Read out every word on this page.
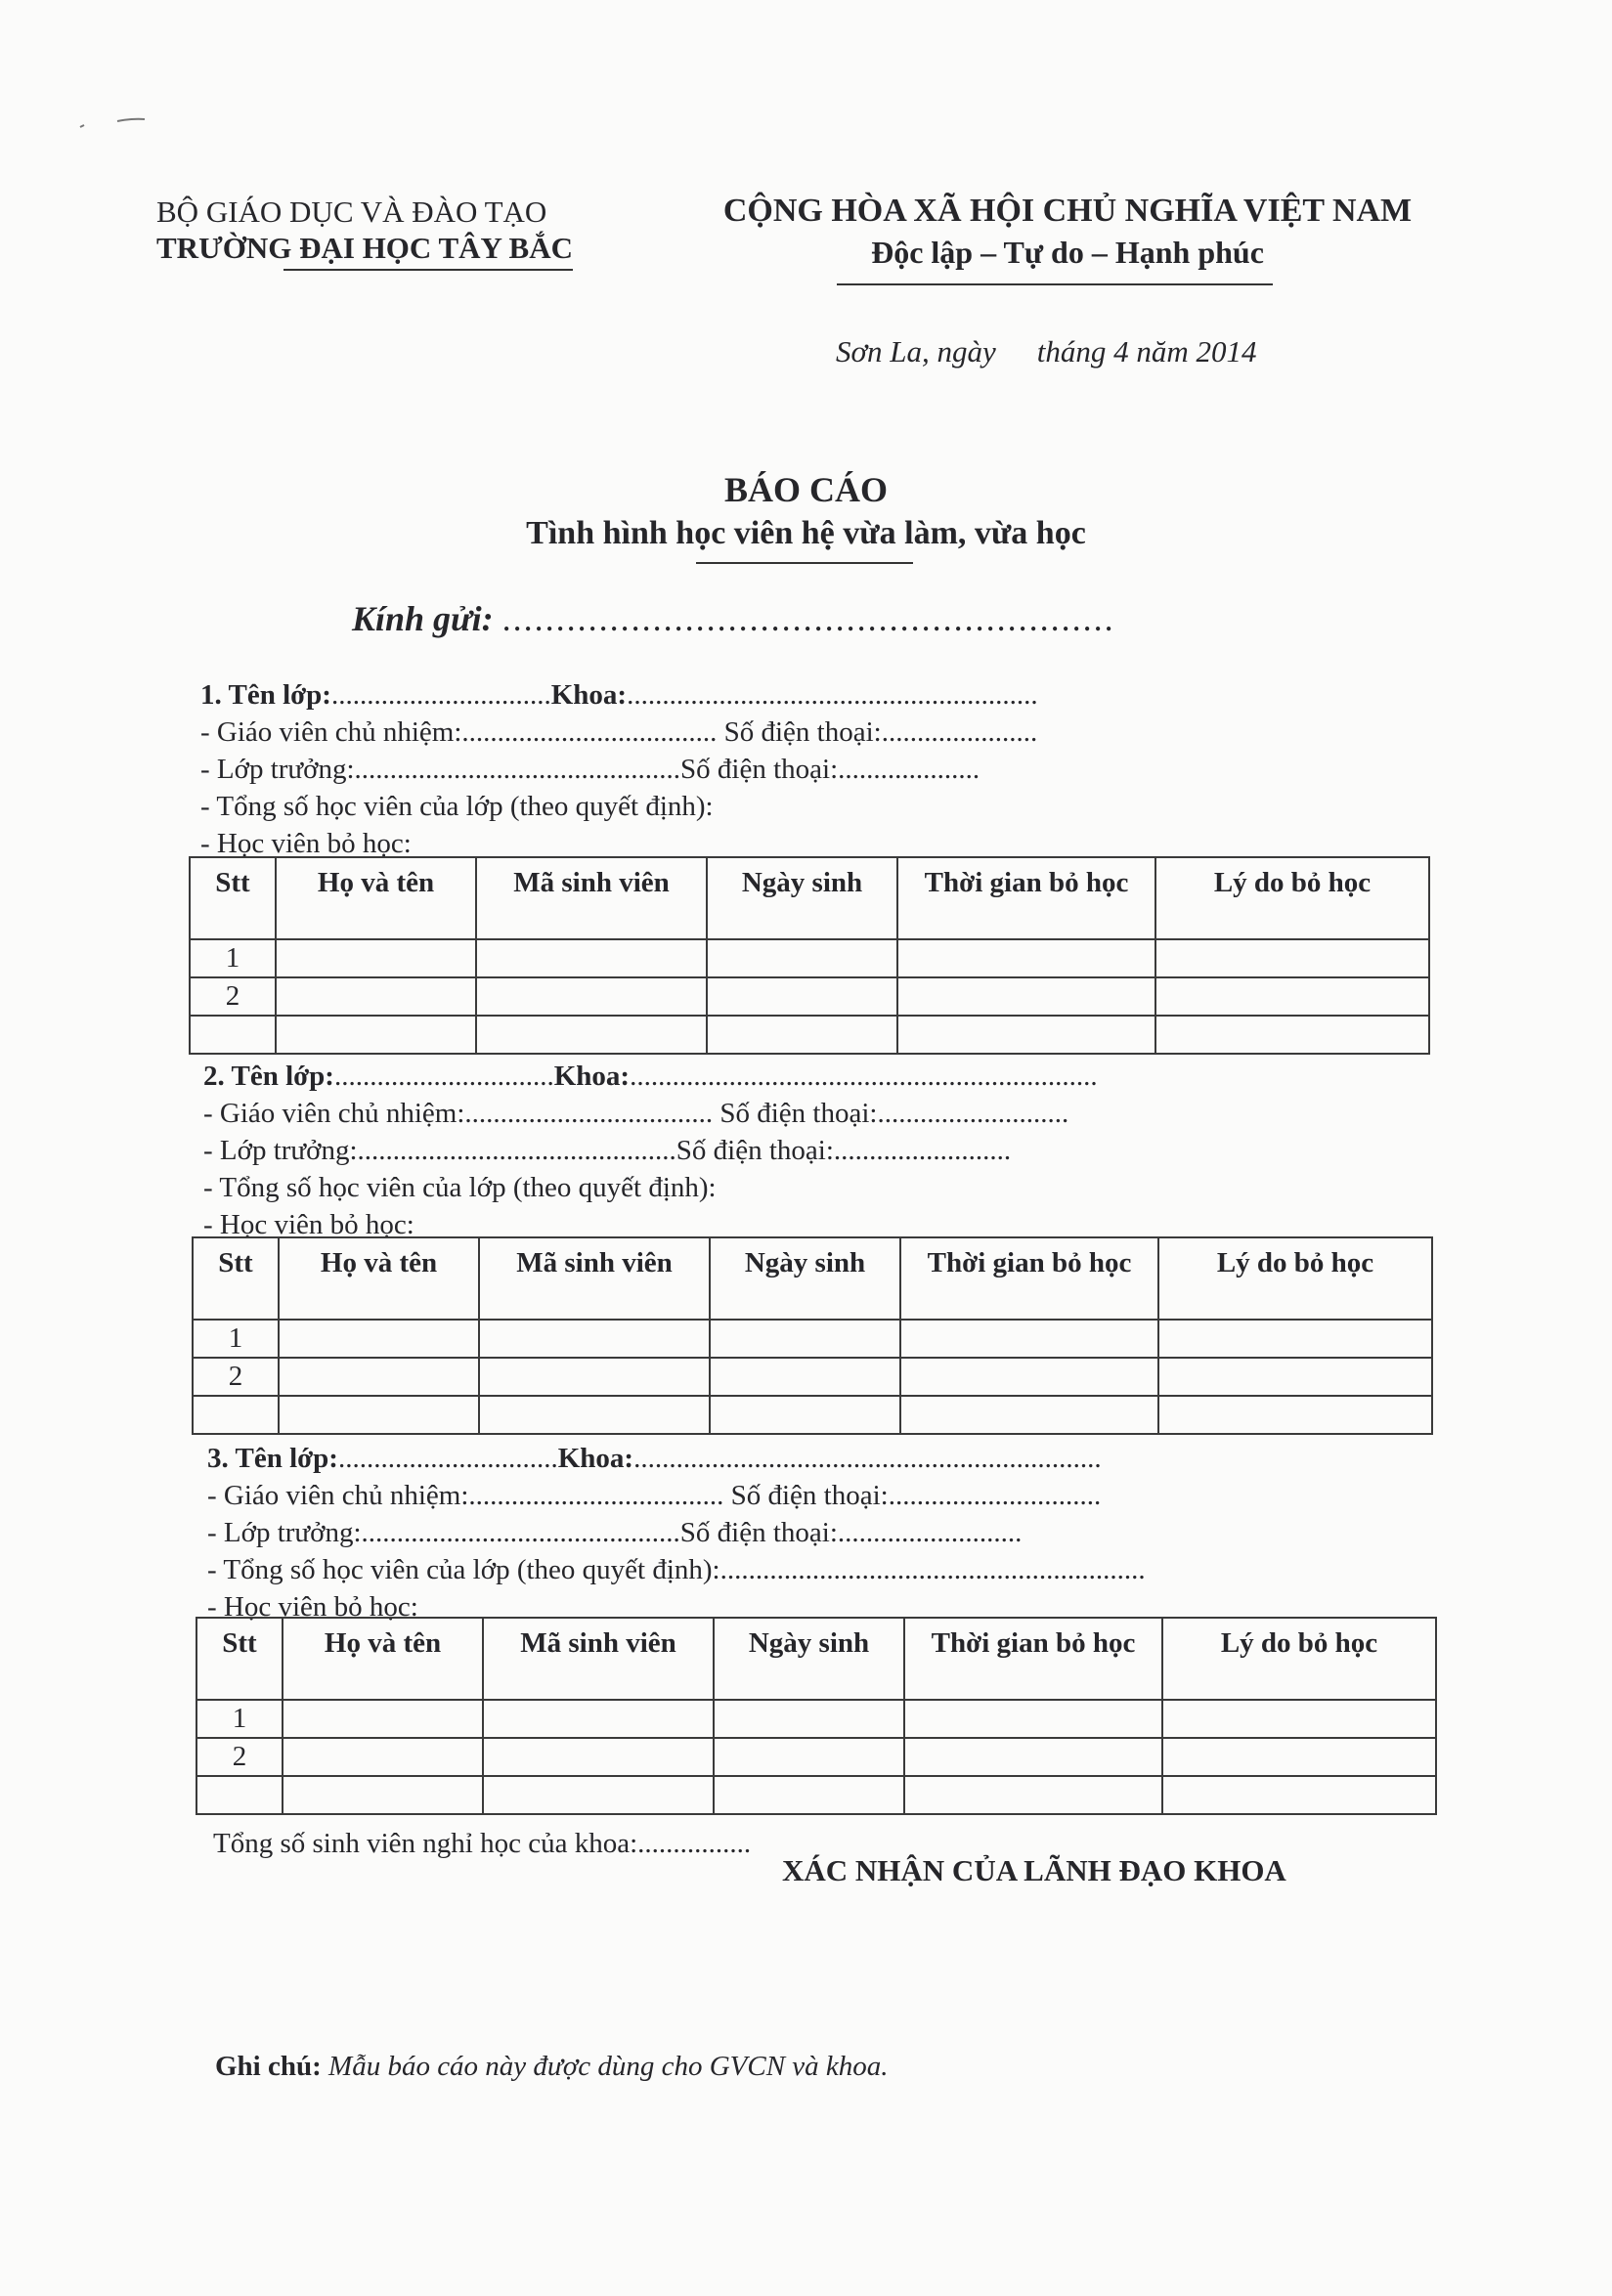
BỘ GIÁO DỤC VÀ ĐÀO TẠO
TRƯỜNG ĐẠI HỌC TÂY BẮC
CỘNG HÒA XÃ HỘI CHỦ NGHĨA VIỆT NAM
Độc lập – Tự do – Hạnh phúc
Sơn La, ngày tháng 4 năm 2014
BÁO CÁO
Tình hình học viên hệ vừa làm, vừa học
Kính gửi: .........................................................
1. Tên lớp:...............................Khoa:..........................................................
- Giáo viên chủ nhiệm:.................................... Số điện thoại:......................
- Lớp trưởng:..............................................Số điện thoại:....................
- Tổng số học viên của lớp (theo quyết định):
- Học viên bỏ học:
Stt	Họ và tên	Mã sinh viên	Ngày sinh	Thời gian bỏ học	Lý do bỏ học
1					
2					

2. Tên lớp:...............................Khoa:..................................................................
- Giáo viên chủ nhiệm:................................... Số điện thoại:...........................
- Lớp trưởng:.............................................Số điện thoại:.........................
- Tổng số học viên của lớp (theo quyết định):
- Học viên bỏ học:
Stt	Họ và tên	Mã sinh viên	Ngày sinh	Thời gian bỏ học	Lý do bỏ học
1					
2					

3. Tên lớp:...............................Khoa:..................................................................
- Giáo viên chủ nhiệm:.................................... Số điện thoại:..............................
- Lớp trưởng:.............................................Số điện thoại:..........................
- Tổng số học viên của lớp (theo quyết định):............................................................
- Học viên bỏ học:
Stt	Họ và tên	Mã sinh viên	Ngày sinh	Thời gian bỏ học	Lý do bỏ học
1					
2					

Tổng số sinh viên nghỉ học của khoa:................
XÁC NHẬN CỦA LÃNH ĐẠO KHOA
Ghi chú: Mẫu báo cáo này được dùng cho GVCN và khoa.
